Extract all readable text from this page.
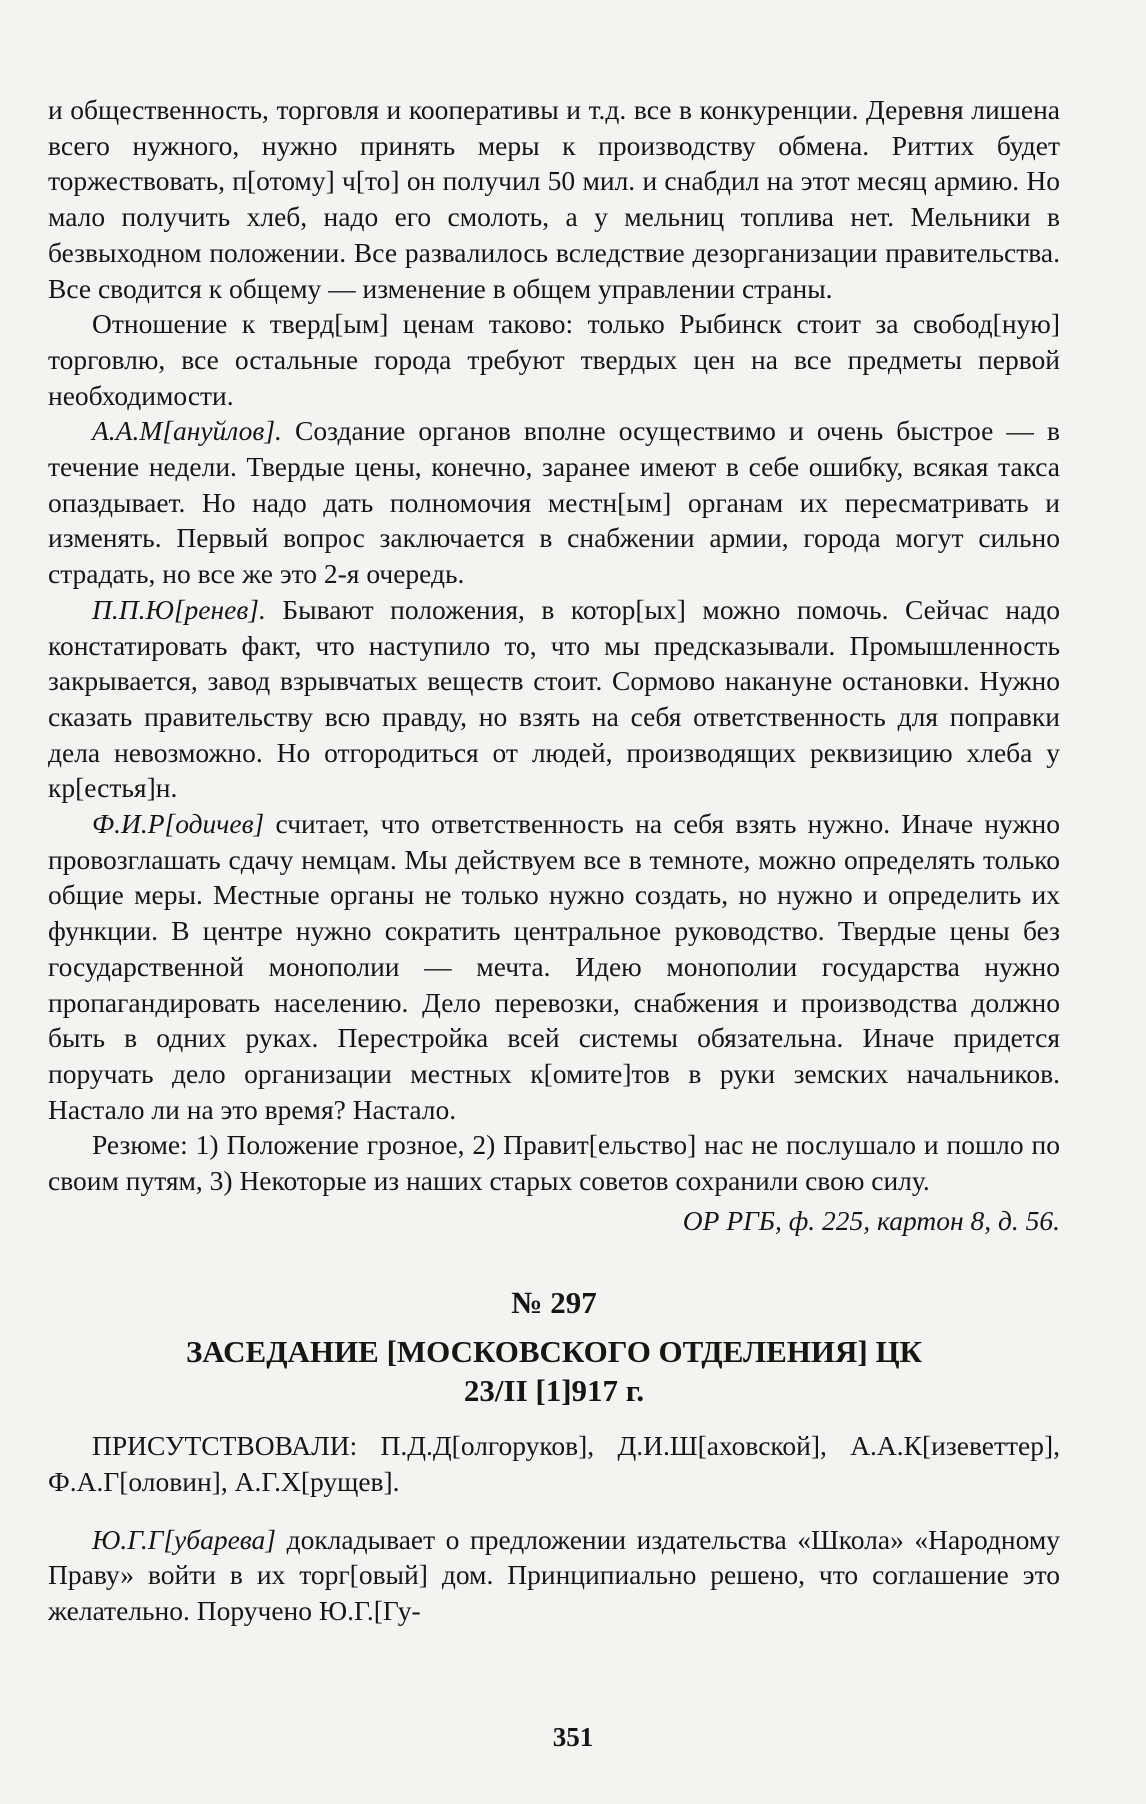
и общественность, торговля и кооперативы и т.д. все в конкуренции. Деревня лишена всего нужного, нужно принять меры к производству обмена. Риттих будет торжествовать, п[отому] ч[то] он получил 50 мил. и снабдил на этот месяц армию. Но мало получить хлеб, надо его смолоть, а у мельниц топлива нет. Мельники в безвыходном положении. Все развалилось вследствие дезорганизации правительства. Все сводится к общему — изменение в общем управлении страны.

Отношение к тверд[ым] ценам таково: только Рыбинск стоит за свобод[ную] торговлю, все остальные города требуют твердых цен на все предметы первой необходимости.

А.А.М[ануйлов]. Создание органов вполне осуществимо и очень быстрое — в течение недели. Твердые цены, конечно, заранее имеют в себе ошибку, всякая такса опаздывает. Но надо дать полномочия местн[ым] органам их пересматривать и изменять. Первый вопрос заключается в снабжении армии, города могут сильно страдать, но все же это 2-я очередь.

П.П.Ю[ренев]. Бывают положения, в котор[ых] можно помочь. Сейчас надо констатировать факт, что наступило то, что мы предсказывали. Промышленность закрывается, завод взрывчатых веществ стоит. Сормово накануне остановки. Нужно сказать правительству всю правду, но взять на себя ответственность для поправки дела невозможно. Но отгородиться от людей, производящих реквизицию хлеба у кр[естья]н.

Ф.И.Р[одичев] считает, что ответственность на себя взять нужно. Иначе нужно провозглашать сдачу немцам. Мы действуем все в темноте, можно определять только общие меры. Местные органы не только нужно создать, но нужно и определить их функции. В центре нужно сократить центральное руководство. Твердые цены без государственной монополии — мечта. Идею монополии государства нужно пропагандировать населению. Дело перевозки, снабжения и производства должно быть в одних руках. Перестройка всей системы обязательна. Иначе придется поручать дело организации местных к[омите]тов в руки земских начальников. Настало ли на это время? Настало.

Резюме: 1) Положение грозное, 2) Правит[ельство] нас не послушало и пошло по своим путям, 3) Некоторые из наших старых советов сохранили свою силу.

ОР РГБ, ф. 225, картон 8, д. 56.

№ 297

ЗАСЕДАНИЕ [МОСКОВСКОГО ОТДЕЛЕНИЯ] ЦК

23/II [1]917 г.

ПРИСУТСТВОВАЛИ: П.Д.Д[олгоруков], Д.И.Ш[аховской], А.А.К[изеветтер], Ф.А.Г[оловин], А.Г.Х[рущев].

Ю.Г.Г[убарева] докладывает о предложении издательства «Школа» «Народному Праву» войти в их торг[овый] дом. Принципиально решено, что соглашение это желательно. Поручено Ю.Г.[Гу-

351
